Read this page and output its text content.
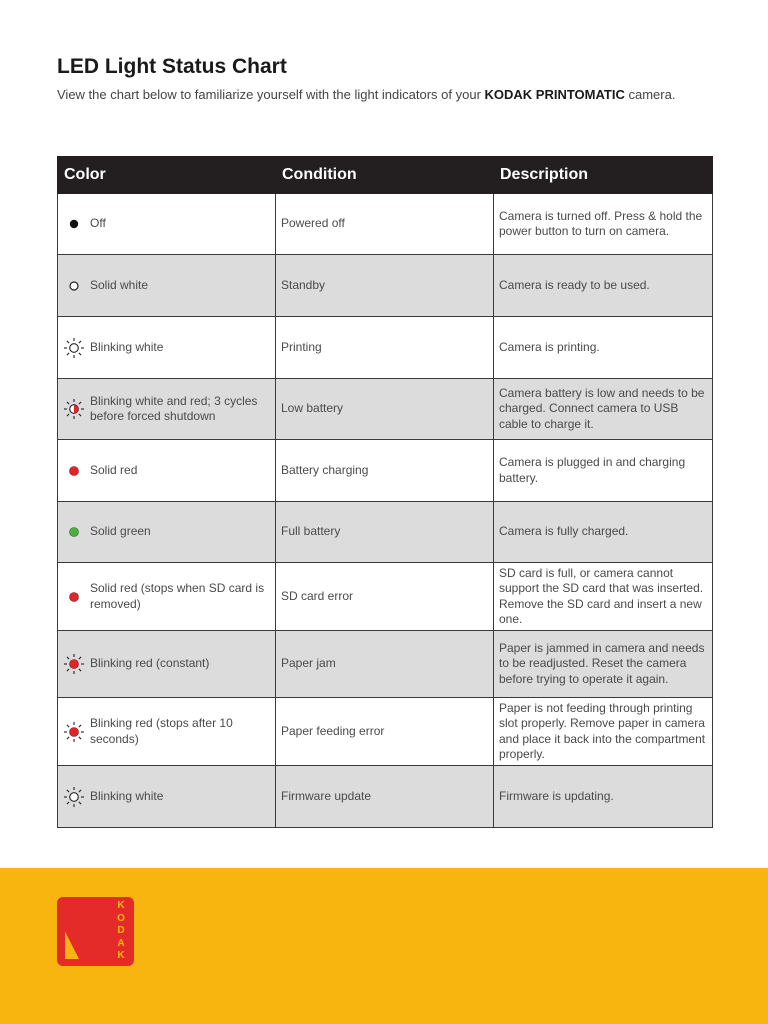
LED Light Status Chart
View the chart below to familiarize yourself with the light indicators of your KODAK PRINTOMATIC camera.
Color	Condition	Description

Off	Powered off	Camera is turned off. Press & hold the power button to turn on camera.

Solid white	Standby	Camera is ready to be used.

Blinking white	Printing	Camera is printing.

Blinking white and red; 3 cycles before forced shutdown	Low battery	Camera battery is low and needs to be charged. Connect camera to USB cable to charge it.

Solid red	Battery charging	Camera is plugged in and charging battery.

Solid green	Full battery	Camera is fully charged.

Solid red (stops when SD card is removed)	SD card error	SD card is full, or camera cannot support the SD card that was inserted. Remove the SD card and insert a new one.

Blinking red (constant)	Paper jam	Paper is jammed in camera and needs to be readjusted. Reset the camera before trying to operate it again.

Blinking red (stops after 10 seconds)	Paper feeding error	Paper is not feeding through printing slot properly. Remove paper in camera and place it back into the compartment properly.

Blinking white	Firmware update	Firmware is updating.
K
O
D
A
K
